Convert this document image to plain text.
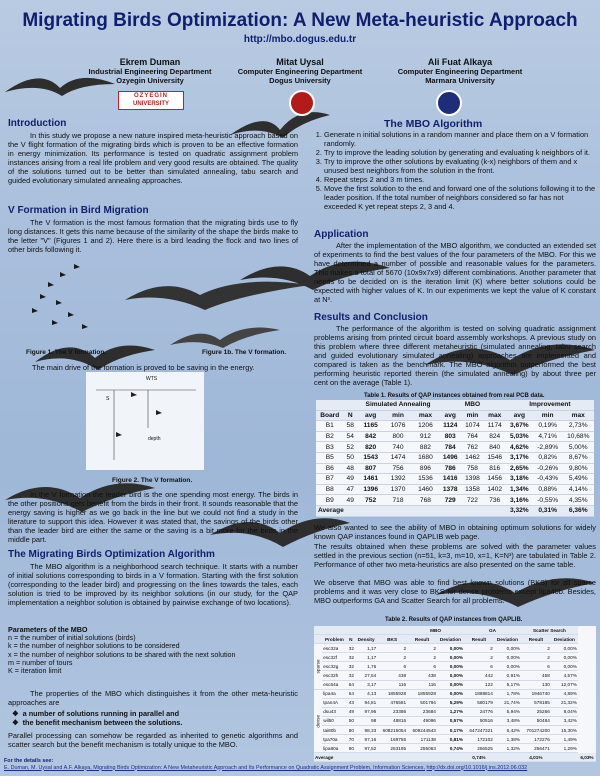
Migrating Birds Optimization: A New Meta-heuristic Approach
http://mbo.dogus.edu.tr
Ekrem Duman
Industrial Engineering Department
Ozyegin University
Mitat Uysal
Computer Engineering Department
Dogus University
Ali Fuat Alkaya
Computer Engineering Department
Marmara University
ÖZYEĞİN
UNIVERSITY
Introduction
In this study we propose a new nature inspired meta-heuristic approach based on the V flight formation of the migrating birds which is proven to be an effective formation in energy minimization. Its performance is tested on quadratic assignment problem instances arising from a real life problem and very good results are obtained. The quality of the solutions turned out to be better than simulated annealing, tabu search and guided evolutionary simulated annealing approaches.
V Formation in Bird Migration
The V formation is the most famous formation that the migrating birds use to fly long distances. It gets this name because of the similarity of the shape the birds make to the letter "V" (Figures 1 and 2). Here there is a bird leading the flock and two lines of other birds following it.
Figure 1. The V formation.	Figure 1b. The V formation.
The main drive of the formation is proved to be saving in the energy.
WTS
depth
S
Figure 2. The V formation.
In the V formation the leader bird is the one spending most energy. The birds in the other positions gets benefit from the birds in their front. It sounds reasonable that the energy saving is higher as we go back in the line but we could not find a study in the literature to support this idea. However it was stated that, the savings of the birds other than the leader bird are either the same or the saving is a bit more for the birds in the middle part.
The Migrating Birds Optimization Algorithm
The MBO algorithm is a neighborhood search technique. It starts with a number of initial solutions corresponding to birds in a V formation. Starting with the first solution (corresponding to the leader bird) and progressing on the lines towards the tales, each solution is tried to be improved by its neighbor solutions (in our study, for the QAP implementation a neighbor solution is obtained by pairwise exchange of two locations).
Parameters of the MBO
n = the number of initial solutions (birds)
k = the number of neighbor solutions to be considered
x = the number of neighbor solutions to be shared with the next solution
m = number of tours
K = iteration limit
The properties of the MBO which distinguishes it from the other meta-heuristic approaches are
❖  a number of solutions running in parallel and
❖  the benefit mechanism between the solutions.
Parallel processing can somehow be regarded as inherited to genetic algorithms and scatter search but the benefit mechanism is totally unique to the MBO.
The MBO Algorithm
1. Generate n initial solutions in a random manner and place them on a V formation randomly.
2. Try to improve the leading solution by generating and evaluating k neighbors of it.
3. Try to improve the other solutions by evaluating (k-x) neighbors of them and x unused best neighbors from the solution in the front.
4. Repeat steps 2 and 3 m times.
5. Move the first solution to the end and forward one of the solutions following it to the leader position. If the total number of neighbors considered so far has not exceeded K yet repeat steps 2, 3 and 4.
Application
After the implementation of the MBO algorithm, we conducted an extended set of experiments to find the best values of the four parameters of the MBO. For this we have determined a number of possible and reasonable values for the parameters. This makes a total of 5670 (10x9x7x9) different combinations. Another parameter that needs to be decided on is the iteration limit (K) where better solutions could be expected with higher values of K. In our experiments we kept the value of K constant at N³.
Results and Conclusion
The performance of the algorithm is tested on solving quadratic assignment problems arising from printed circuit board assembly workshops. A previous study on this problem where three different metaheuristic (simulated annealing, tabu search and guided evolutionary simulated annealing) approaches are implemented and compared is taken as the benchmark. The MBO algorithm outperformed the best performing heuristic reported therein (the simulated annealing) by about three per cent on the average (Table 1).
Table 1. Results of QAP instances obtained from real PCB data.
		Simulated Annealing			MBO			Improvement		
Board	N	avg	min	max	avg	min	max	avg	min	max
B1	58	1165	1076	1206	1124	1074	1174	3,67%	0,19%	2,73%
B2	54	842	800	912	803	764	824	5,03%	4,71%	10,68%
B3	52	820	740	882	784	762	840	4,62%	-2,89%	5,00%
B5	50	1543	1474	1680	1496	1462	1546	3,17%	0,82%	8,67%
B6	48	807	756	896	786	758	816	2,65%	-0,26%	9,80%
B7	49	1461	1392	1536	1416	1398	1456	3,18%	-0,43%	5,49%
B8	47	1396	1370	1460	1378	1358	1402	1,34%	0,88%	4,14%
B9	49	752	718	768	729	722	736	3,16%	-0,55%	4,35%
Average								3,32%	0,31%	6,36%
We also wanted to see the ability of MBO in obtaining optimum solutions for widely known QAP instances found in QAPLIB web page.
The results obtained when these problems are solved with the parameter values settled in the previous section (n=51, k=3, m=10, x=1, K=N³) are tabulated in Table 2. Performance of other two meta-heuristics are also presented on the same table.
We observe that MBO was able to find best known solutions (BKS) for all sparse problems and it was very close to BKS for dense problems except lipa40b. Besides, MBO outperforms GA and Scatter Search for all problems.
Table 2. Results of QAP instances from QAPLIB.
					MBO		GA		Scatter Search		
	Problem	N	Density	BKS	Result	Deviation	Result	Deviation	Result	Deviation	
sparse	esc32a	32	1,17	2	2	0,00%	2	0,00%	2	0,00%	
	esc32f	32	1,17	2	2	0,00%	2	0,00%	2	0,00%	
	esc32g	32	1,76	6	6	0,00%	6	0,00%	6	0,00%	
	esc32h	32	27,54	438	438	0,00%	442	0,91%	458	4,57%	
	esc64a	64	3,17	116	116	0,00%	122	5,17%	130	12,07%	
dense	lipa4a	64	4,13	1855928	1855928	0,00%	1888814	1,78%	1946740	4,89%	
	tpan4A	43	94,81	476581	501794	5,29%	580179	21,74%	578185	21,32%	
	dsu43	49	97,96	23386	23684	1,27%	24776	5,94%	25266	8,04%	
	wil50	50	98	48816	49096	0,57%	50516	3,48%	50484	3,42%	
	tai80b	80	98,33	608215054	609244543	0,17%	647247321	6,42%	701274200	15,30%	
	tpa70a	70	97,16	169755	171138	0,81%	172102	1,38%	172276	1,49%	
	lipa80a	80	97,52	253195	255063	0,74%	256525	1,32%	256471	1,29%	
Average							0,74%		4,01%		6,03%
For the details see:
E. Duman, M. Uysal and A.F. Alkaya, Migrating Birds Optimization: A New Metaheuristic Approach and Its Performance on Quadratic Assignment Problem, Information Sciences, http://dx.doi.org/10.1016/j.ins.2012.06.032
